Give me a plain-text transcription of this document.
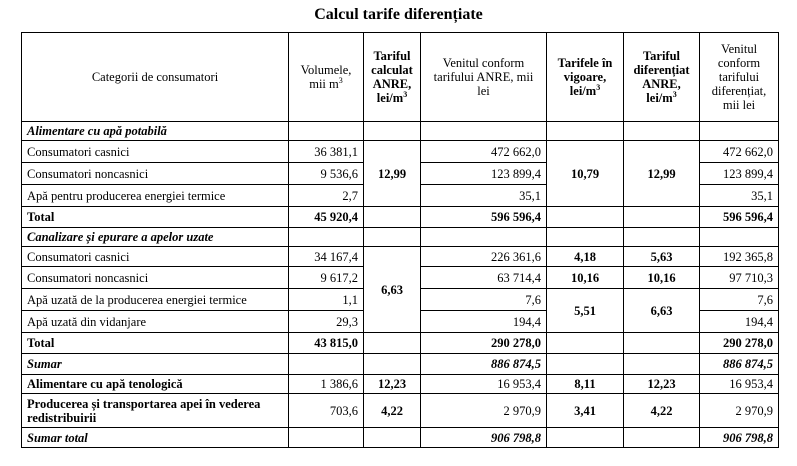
Calcul tarife diferențiate
Categorii de consumatori	Volumele, mii $m^3$	Tariful calculat ANRE, lei/$m^3$	Venitul conform tarifului ANRE, mii lei	Tarifele în vigoare, lei/$m^3$	Tariful diferențiat ANRE, lei/$m^3$	Venitul conform tarifului diferențiat, mii lei
Alimentare cu apă potabilă						
Consumatori casnici	36 381,1	12,99	472 662,0	10,79	12,99	472 662,0
Consumatori noncasnici	9 536,6		123 899,4			123 899,4
Apă pentru producerea energiei termice	2,7		35,1			35,1
Total	45 920,4		596 596,4			596 596,4
Canalizare și epurare a apelor uzate						
Consumatori casnici	34 167,4	6,63	226 361,6	4,18	5,63	192 365,8
Consumatori noncasnici	9 617,2		63 714,4	10,16	10,16	97 710,3
Apă uzată de la producerea energiei termice	1,1		7,6	5,51	6,63	7,6
Apă uzată din vidanjare	29,3		194,4			194,4
Total	43 815,0		290 278,0			290 278,0
Sumar			886 874,5			886 874,5
Alimentare cu apă tenologică	1 386,6	12,23	16 953,4	8,11	12,23	16 953,4
Producerea și transportarea apei în vederea redistribuirii	703,6	4,22	2 970,9	3,41	4,22	2 970,9
Sumar total			906 798,8			906 798,8
